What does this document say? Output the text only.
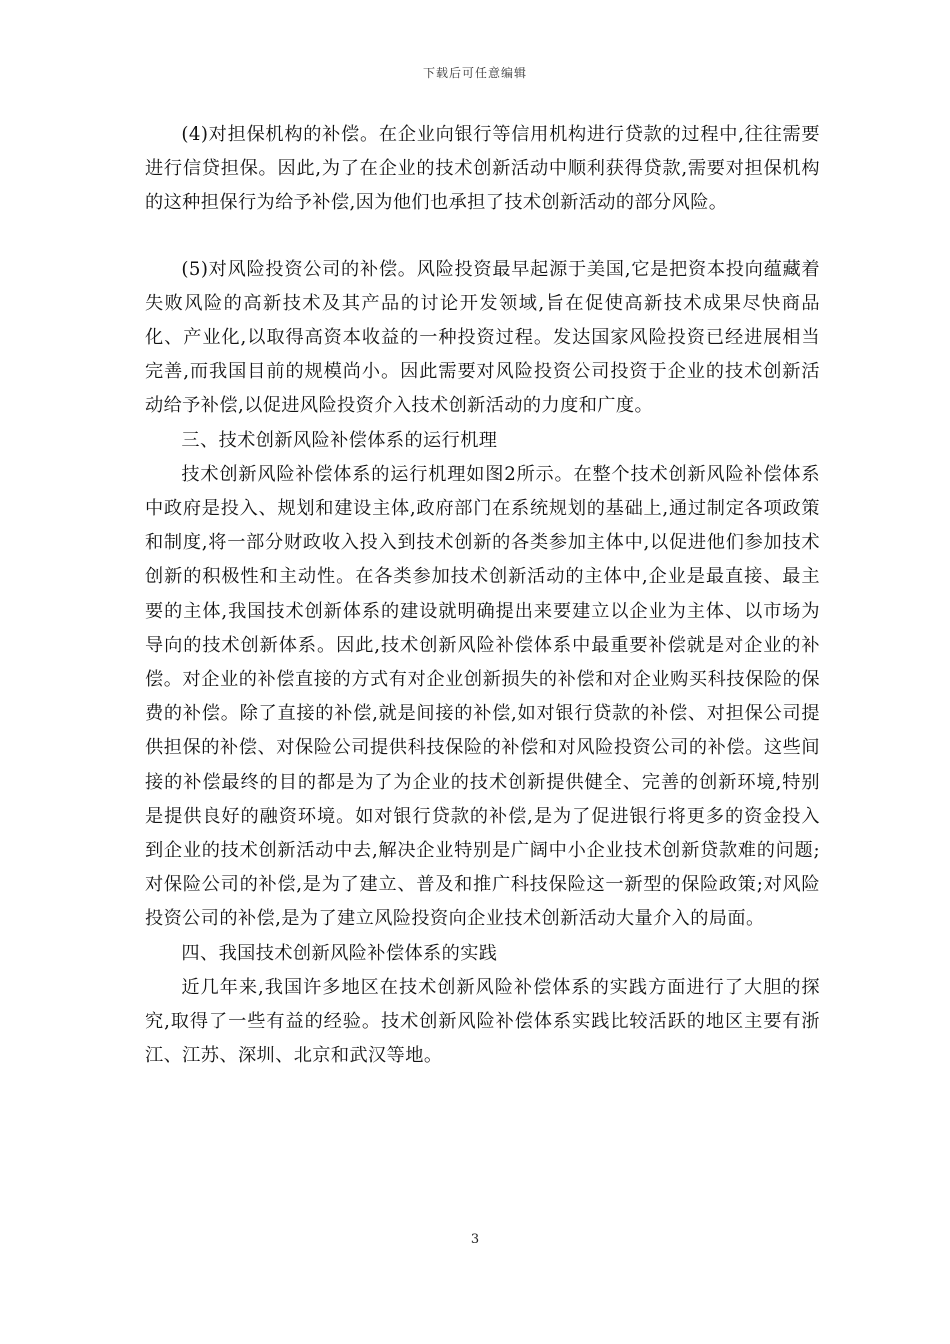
下载后可任意编辑

(4)对担保机构的补偿。在企业向银行等信用机构进行贷款的过程中,往往需要进行信贷担保。因此,为了在企业的技术创新活动中顺利获得贷款,需要对担保机构的这种担保行为给予补偿,因为他们也承担了技术创新活动的部分风险。

(5)对风险投资公司的补偿。风险投资最早起源于美国,它是把资本投向蕴藏着失败风险的高新技术及其产品的讨论开发领域,旨在促使高新技术成果尽快商品化、产业化,以取得高资本收益的一种投资过程。发达国家风险投资已经进展相当完善,而我国目前的规模尚小。因此需要对风险投资公司投资于企业的技术创新活动给予补偿,以促进风险投资介入技术创新活动的力度和广度。

三、技术创新风险补偿体系的运行机理

技术创新风险补偿体系的运行机理如图2所示。在整个技术创新风险补偿体系中政府是投入、规划和建设主体,政府部门在系统规划的基础上,通过制定各项政策和制度,将一部分财政收入投入到技术创新的各类参加主体中,以促进他们参加技术创新的积极性和主动性。在各类参加技术创新活动的主体中,企业是最直接、最主要的主体,我国技术创新体系的建设就明确提出来要建立以企业为主体、以市场为导向的技术创新体系。因此,技术创新风险补偿体系中最重要补偿就是对企业的补偿。对企业的补偿直接的方式有对企业创新损失的补偿和对企业购买科技保险的保费的补偿。除了直接的补偿,就是间接的补偿,如对银行贷款的补偿、对担保公司提供担保的补偿、对保险公司提供科技保险的补偿和对风险投资公司的补偿。这些间接的补偿最终的目的都是为了为企业的技术创新提供健全、完善的创新环境,特别是提供良好的融资环境。如对银行贷款的补偿,是为了促进银行将更多的资金投入到企业的技术创新活动中去,解决企业特别是广阔中小企业技术创新贷款难的问题;对保险公司的补偿,是为了建立、普及和推广科技保险这一新型的保险政策;对风险投资公司的补偿,是为了建立风险投资向企业技术创新活动大量介入的局面。

四、我国技术创新风险补偿体系的实践

近几年来,我国许多地区在技术创新风险补偿体系的实践方面进行了大胆的探究,取得了一些有益的经验。技术创新风险补偿体系实践比较活跃的地区主要有浙江、江苏、深圳、北京和武汉等地。

3
